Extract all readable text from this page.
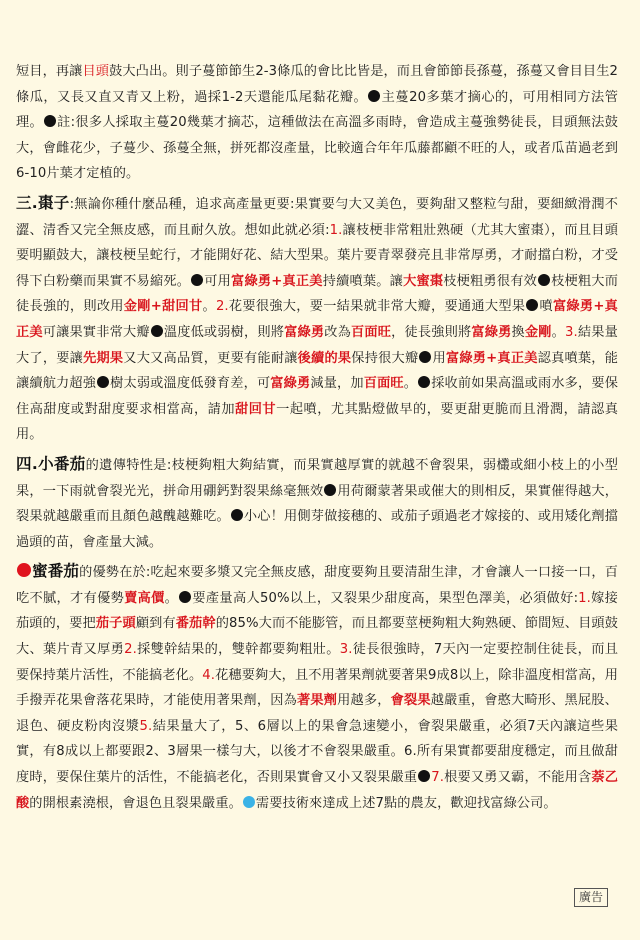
短目，再讓目頭鼓大凸出。則子蔓節節生2-3條瓜的會比比皆是，而且會節節長孫蔓，孫蔓又會目目生2條瓜，又長又直又青又上粉，過採1-2天還能瓜尾黏花瓣。 主蔓20多葉才摘心的，可用相同方法管理。 註:很多人採取主蔓20幾葉才摘芯，這種做法在高溫多雨時，會造成主蔓強勢徒長，目頭無法鼓大，會雌花少，子蔓少、孫蔓全無，拼死都沒產量，比較適合年年瓜藤都顧不旺的人，或者瓜苗過老到6-10片葉才定植的。

三.棗子:無論你種什麼品種，追求高產量更要:果實要勻大又美色，要夠甜又整粒勻甜，要細緻滑潤不澀、清香又完全無皮感，而且耐久放。想如此就必須:1.讓枝梗非常粗壯熟硬（尤其大蜜棗），而且目頭要明顯鼓大，讓枝梗呈蛇行，才能開好花、結大型果。葉片要青翠發亮且非常厚勇，才耐擋白粉，才受得下白粉藥而果實不易縮死。 可用富綠勇+真正美持續噴葉。讓大蜜棗枝梗粗勇很有效 枝梗粗大而徒長強的，則改用金剛+甜回甘。2.花要很強大，要一結果就非常大瓣，要通通大型果 噴富綠勇+真正美可讓果實非常大瓣 溫度低或弱樹，則將富綠勇改為百面旺，徒長強則將富綠勇換金剛。3.結果量大了，要讓先期果又大又高品質，更要有能耐讓後續的果保持很大瓣 用富綠勇+真正美認真噴葉，能讓續航力超強 樹太弱或溫度低發育差，可富綠勇減量，加百面旺。 採收前如果高溫或雨水多，要保住高甜度或對甜度要求相當高，請加甜回甘一起噴，尤其點燈做早的，要更甜更脆而且滑潤，請認真用。

四.小番茄的遺傳特性是:枝梗夠粗大夠結實，而果實越厚實的就越不會裂果，弱欉或細小枝上的小型果，一下雨就會裂光光，拼命用硼鈣對裂果絲毫無效 用荷爾蒙著果或催大的則相反，果實催得越大，裂果就越嚴重而且顏色越醜越難吃。 小心！用側芽做接穗的、或茄子頭過老才嫁接的、或用矮化劑擋過頭的苗，會產量大減。

蜜番茄的優勢在於:吃起來要多漿又完全無皮感，甜度要夠且要清甜生津，才會讓人一口接一口，百吃不膩，才有優勢賣高價。 要產量高人50%以上，又裂果少甜度高，果型色澤美，必須做好:1.嫁接茄頭的，要把茄子頭顧到有番茄幹的85%大而不能膨管，而且都要莖梗夠粗大夠熟硬、節間短、目頭鼓大、葉片青又厚勇2.採雙幹結果的，雙幹都要夠粗壯。3.徒長很強時，7天內一定要控制住徒長，而且要保持葉片活性，不能搞老化。4.花穗要夠大，且不用著果劑就要著果9成8以上，除非溫度相當高，用手撥弄花果會落花果時，才能使用著果劑，因為著果劑用越多，會裂果越嚴重，會憨大畸形、黑屁股、退色、硬皮粉肉沒漿5.結果量大了，5、6層以上的果會急速變小，會裂果嚴重，必須7天內讓這些果實，有8成以上都要跟2、3層果一樣勻大，以後才不會裂果嚴重。6.所有果實都要甜度穩定，而且做甜度時，要保住葉片的活性，不能搞老化，否則果實會又小又裂果嚴重 7.根要又勇又霸，不能用含萘乙酸的開根素澆根，會退色且裂果嚴重。 需要技術來達成上述7點的農友，歡迎找富綠公司。

廣告
